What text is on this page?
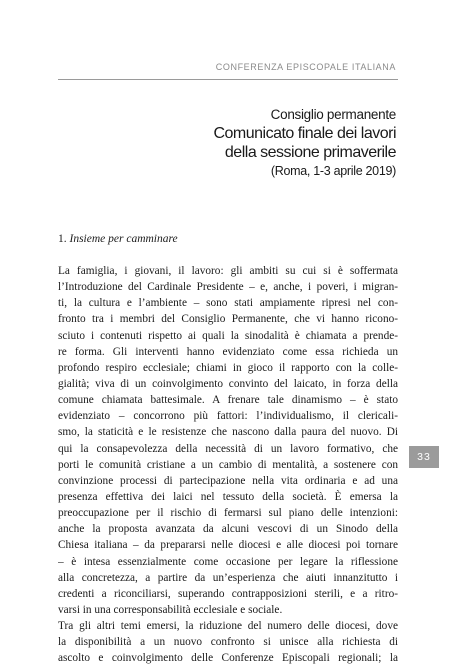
CONFERENZA EPISCOPALE ITALIANA
Consiglio permanente
Comunicato finale dei lavori
della sessione primaverile
(Roma, 1-3 aprile 2019)
1. Insieme per camminare
La famiglia, i giovani, il lavoro: gli ambiti su cui si è soffermata
l’Introduzione del Cardinale Presidente – e, anche, i poveri, i migran-
ti, la cultura e l’ambiente – sono stati ampiamente ripresi nel con-
fronto tra i membri del Consiglio Permanente, che vi hanno ricono-
sciuto i contenuti rispetto ai quali la sinodalità è chiamata a prende-
re forma. Gli interventi hanno evidenziato come essa richieda un
profondo respiro ecclesiale; chiami in gioco il rapporto con la colle-
gialità; viva di un coinvolgimento convinto del laicato, in forza della
comune chiamata battesimale. A frenare tale dinamismo – è stato
evidenziato – concorrono più fattori: l’individualismo, il clericali-
smo, la staticità e le resistenze che nascono dalla paura del nuovo. Di
qui la consapevolezza della necessità di un lavoro formativo, che
porti le comunità cristiane a un cambio di mentalità, a sostenere con
convinzione processi di partecipazione nella vita ordinaria e ad una
presenza effettiva dei laici nel tessuto della società. È emersa la
preoccupazione per il rischio di fermarsi sul piano delle intenzioni:
anche la proposta avanzata da alcuni vescovi di un Sinodo della
Chiesa italiana – da prepararsi nelle diocesi e alle diocesi poi tornare
– è intesa essenzialmente come occasione per legare la riflessione
alla concretezza, a partire da un’esperienza che aiuti innanzitutto i
credenti a riconciliarsi, superando contrapposizioni sterili, e a ritro-
varsi in una corresponsabilità ecclesiale e sociale.
Tra gli altri temi emersi, la riduzione del numero delle diocesi, dove
la disponibilità a un nuovo confronto si unisce alla richiesta di
ascolto e coinvolgimento delle Conferenze Episcopali regionali; la
33
